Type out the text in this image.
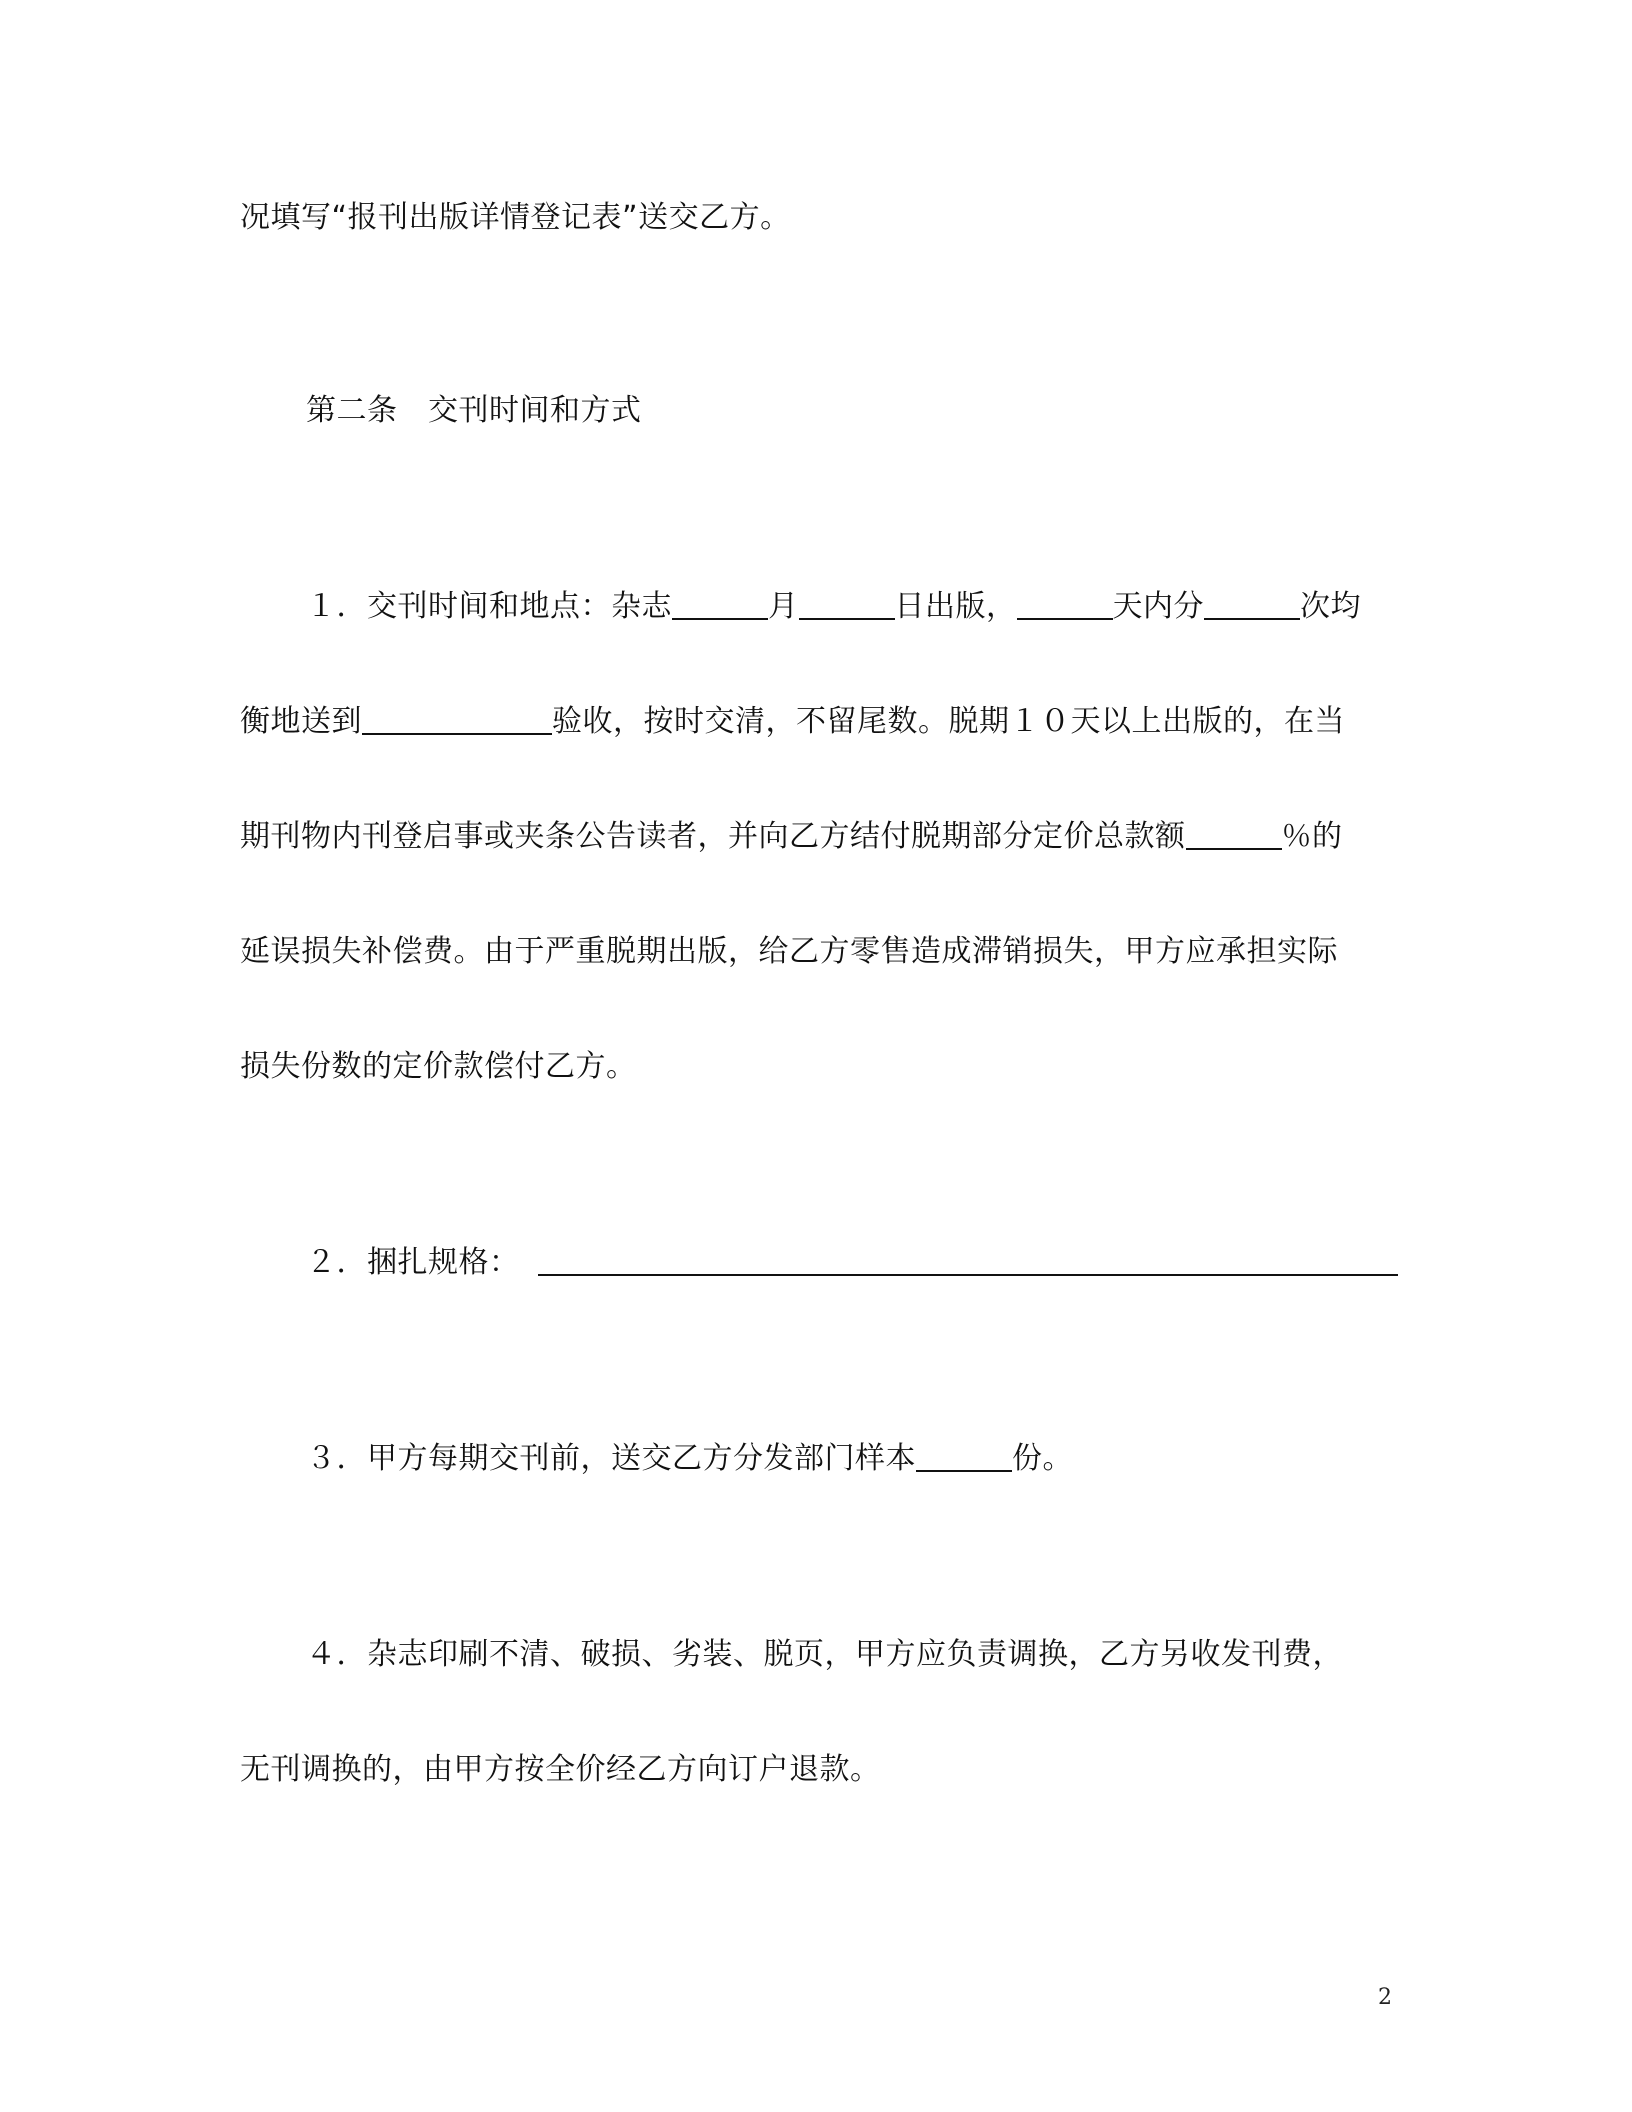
况填写“报刊出版详情登记表”送交乙方。
第二条　交刊时间和方式
１．交刊时间和地点：杂志	月	日出版，	天内分	次均
衡地送到	验收，按时交清，不留尾数。脱期１０天以上出版的，在当
期刊物内刊登启事或夹条公告读者，并向乙方结付脱期部分定价总款额	％的
延误损失补偿费。由于严重脱期出版，给乙方零售造成滞销损失，甲方应承担实际
损失份数的定价款偿付乙方。
２．捆扎规格：
３．甲方每期交刊前，送交乙方分发部门样本	份。
４．杂志印刷不清、破损、劣装、脱页，甲方应负责调换，乙方另收发刊费，
无刊调换的，由甲方按全价经乙方向订户退款。
2
